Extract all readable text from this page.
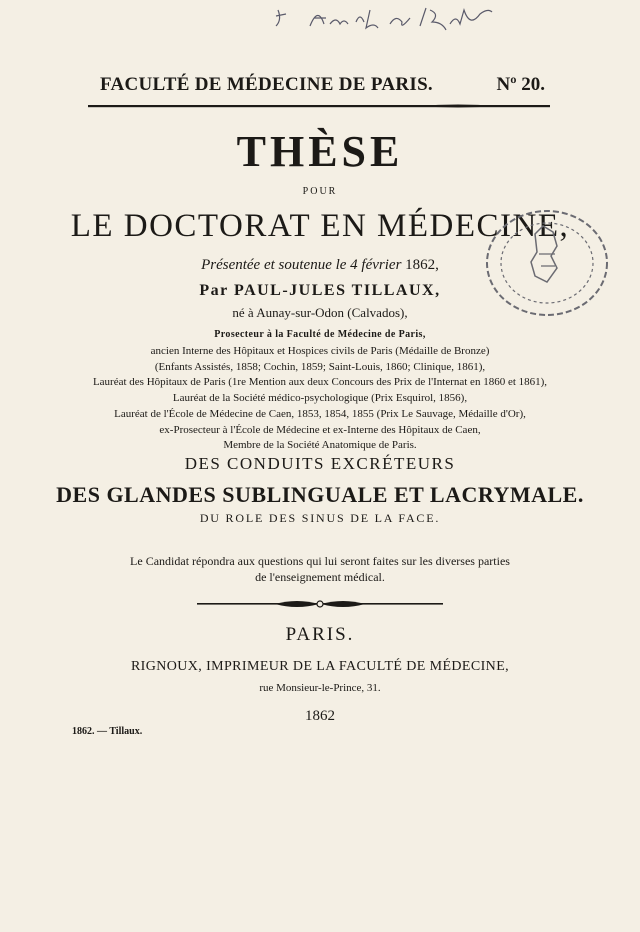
FACULTÉ DE MÉDECINE DE PARIS.	Nº 20.
THÈSE
POUR
LE DOCTORAT EN MÉDECINE,
Présentée et soutenue le 4 février 1862,
Par PAUL-JULES TILLAUX,
né à Aunay-sur-Odon (Calvados),
Prosecteur à la Faculté de Médecine de Paris,
ancien Interne des Hôpitaux et Hospices civils de Paris (Médaille de Bronze)
(Enfants Assistés, 1858; Cochin, 1859; Saint-Louis, 1860; Clinique, 1861),
Lauréat des Hôpitaux de Paris (1re Mention aux deux Concours des Prix de l'Internat en 1860 et 1861),
Lauréat de la Société médico-psychologique (Prix Esquirol, 1856),
Lauréat de l'École de Médecine de Caen, 1853, 1854, 1855 (Prix Le Sauvage, Médaille d'Or),
ex-Prosecteur à l'École de Médecine et ex-Interne des Hôpitaux de Caen,
Membre de la Société Anatomique de Paris.
DES CONDUITS EXCRÉTEURS
DES GLANDES SUBLINGUALE ET LACRYMALE.
DU ROLE DES SINUS DE LA FACE.
Le Candidat répondra aux questions qui lui seront faites sur les diverses parties
de l'enseignement médical.
PARIS.
RIGNOUX, IMPRIMEUR DE LA FACULTÉ DE MÉDECINE,
rue Monsieur-le-Prince, 31.
1862
1862. — Tillaux.
